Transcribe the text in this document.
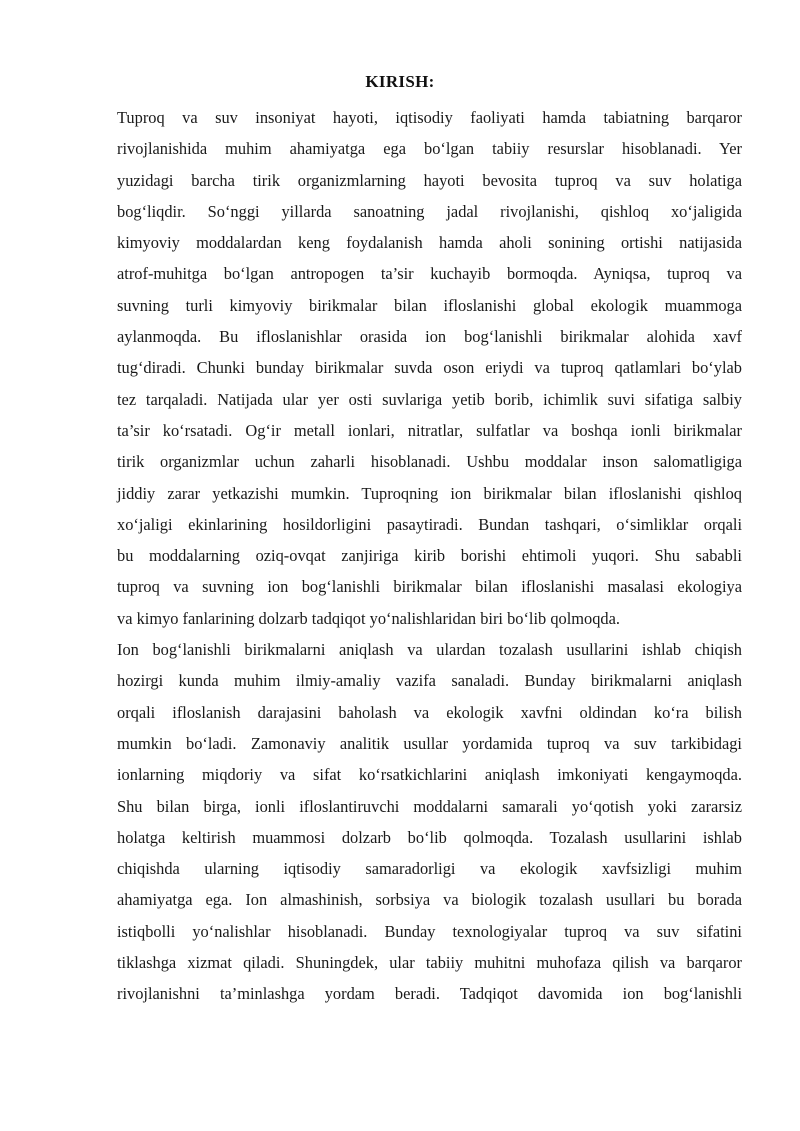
KIRISH:
Tuproq va suv insoniyat hayoti, iqtisodiy faoliyati hamda tabiatning barqaror
rivojlanishida muhim ahamiyatga ega bo‘lgan tabiiy resurslar hisoblanadi. Yer
yuzidagi barcha tirik organizmlarning hayoti bevosita tuproq va suv holatiga
bog‘liqdir. So‘nggi yillarda sanoatning jadal rivojlanishi, qishloq xo‘jaligida
kimyoviy moddalardan keng foydalanish hamda aholi sonining ortishi natijasida
atrof-muhitga bo‘lgan antropogen ta’sir kuchayib bormoqda. Ayniqsa, tuproq va
suvning turli kimyoviy birikmalar bilan ifloslanishi global ekologik muammoga
aylanmoqda. Bu ifloslanishlar orasida ion bog‘lanishli birikmalar alohida xavf
tug‘diradi. Chunki bunday birikmalar suvda oson eriydi va tuproq qatlamlari bo‘ylab
tez tarqaladi. Natijada ular yer osti suvlariga yetib borib, ichimlik suvi sifatiga salbiy
ta’sir ko‘rsatadi. Og‘ir metall ionlari, nitratlar, sulfatlar va boshqa ionli birikmalar
tirik organizmlar uchun zaharli hisoblanadi. Ushbu moddalar inson salomatligiga
jiddiy zarar yetkazishi mumkin. Tuproqning ion birikmalar bilan ifloslanishi qishloq
xo‘jaligi ekinlarining hosildorligini pasaytiradi. Bundan tashqari, o‘simliklar orqali
bu moddalarning oziq-ovqat zanjiriga kirib borishi ehtimoli yuqori. Shu sababli
tuproq va suvning ion bog‘lanishli birikmalar bilan ifloslanishi masalasi ekologiya
va kimyo fanlarining dolzarb tadqiqot yo‘nalishlaridan biri bo‘lib qolmoqda.
Ion bog‘lanishli birikmalarni aniqlash va ulardan tozalash usullarini ishlab chiqish
hozirgi kunda muhim ilmiy-amaliy vazifa sanaladi. Bunday birikmalarni aniqlash
orqali ifloslanish darajasini baholash va ekologik xavfni oldindan ko‘ra bilish
mumkin bo‘ladi. Zamonaviy analitik usullar yordamida tuproq va suv tarkibidagi
ionlarning miqdoriy va sifat ko‘rsatkichlarini aniqlash imkoniyati kengaymoqda.
Shu bilan birga, ionli ifloslantiruvchi moddalarni samarali yo‘qotish yoki zararsiz
holatga keltirish muammosi dolzarb bo‘lib qolmoqda. Tozalash usullarini ishlab
chiqishda ularning iqtisodiy samaradorligi va ekologik xavfsizligi muhim
ahamiyatga ega. Ion almashinish, sorbsiya va biologik tozalash usullari bu borada
istiqbolli yo‘nalishlar hisoblanadi. Bunday texnologiyalar tuproq va suv sifatini
tiklashga xizmat qiladi. Shuningdek, ular tabiiy muhitni muhofaza qilish va barqaror
rivojlanishni ta’minlashga yordam beradi. Tadqiqot davomida ion bog‘lanishli
